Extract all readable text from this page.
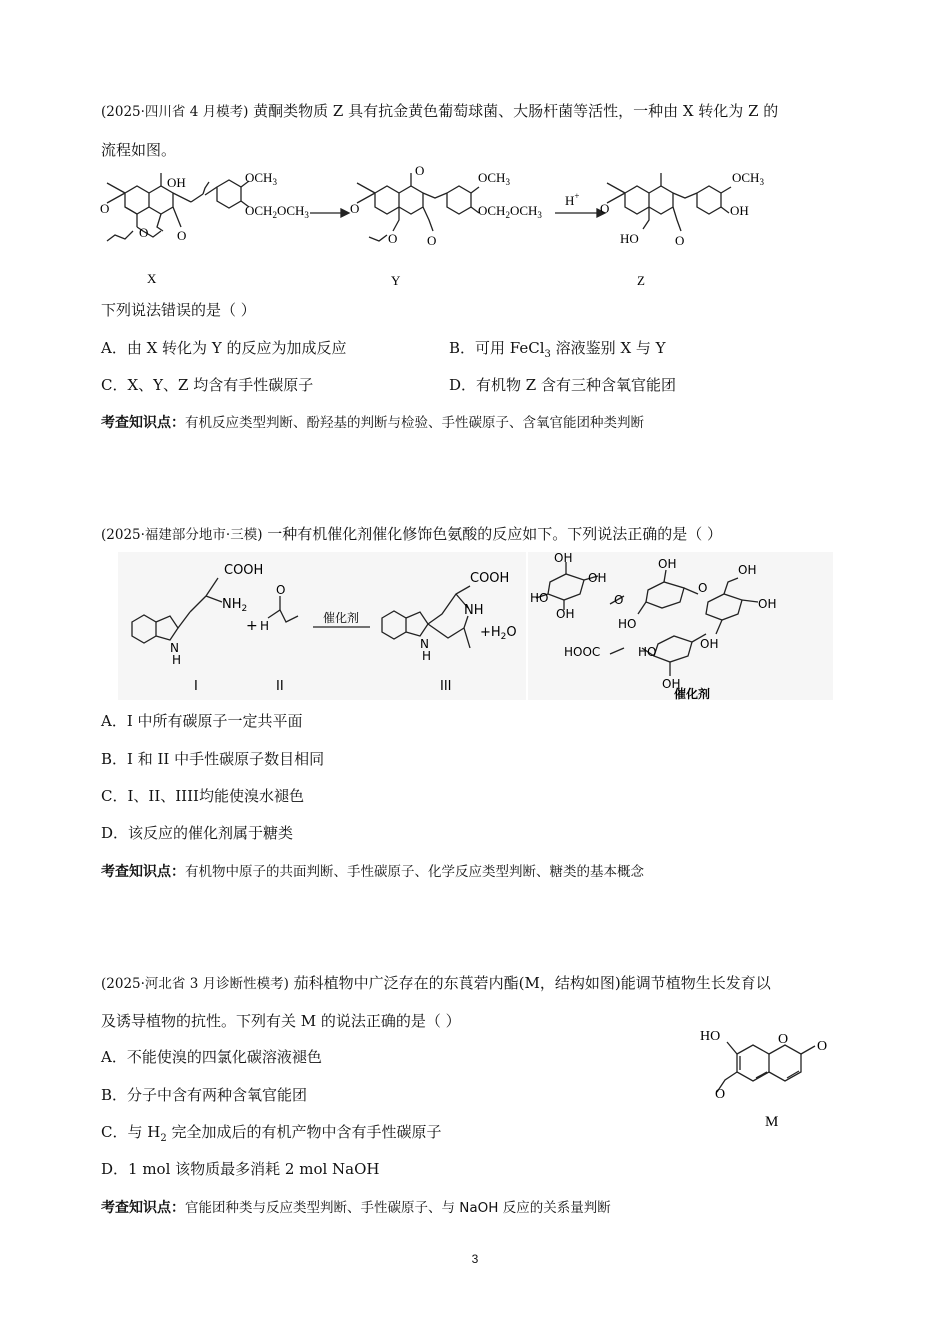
(2025·四川省 4 月模考) 黄酮类物质 Z 具有抗金黄色葡萄球菌、大肠杆菌等活性，一种由 X 转化为 Z 的
流程如图。
OH
O
O
O
$OCH_3$
$OCH_2OCH_3$
X
O
O
O
O
$OCH_3$
$OCH_2OCH_3$
Y
H+
O
O
HO
$OCH_3$
OH
Z
下列说法错误的是（ ）
A．由 X 转化为 Y 的反应为加成反应	B．可用 FeCl$_3$ 溶液鉴别 X 与 Y
C．X、Y、Z 均含有手性碳原子	D．有机物 Z 含有三种含氧官能团
考查知识点：有机反应类型判断、酚羟基的判断与检验、手性碳原子、含氧官能团种类判断
(2025·福建部分地市·三模) 一种有机催化剂催化修饰色氨酸的反应如下。下列说法正确的是（ ）
COOH
$NH_2$
N
H
I
+ H
O
II
催化剂
COOH
NH
N
H
$+H_2O$
III
OH
OH
HO
OH
O
OH
HO
O
OH
OH
OH
HOOC	HO
OH
催化剂
A．I 中所有碳原子一定共平面
B．I 和 II 中手性碳原子数目相同
C．I、II、IIII均能使溴水褪色
D．该反应的催化剂属于糖类
考查知识点：有机物中原子的共面判断、手性碳原子、化学反应类型判断、糖类的基本概念
(2025·河北省 3 月诊断性模考) 茄科植物中广泛存在的东莨菪内酯(M，结构如图)能调节植物生长发育以
及诱导植物的抗性。下列有关 M 的说法正确的是（ ）
HO	O O
O
M
A．不能使溴的四氯化碳溶液褪色
B．分子中含有两种含氧官能团
C．与 $H_2$ 完全加成后的有机产物中含有手性碳原子
D．1 mol 该物质最多消耗 2 mol NaOH
考查知识点：官能团种类与反应类型判断、手性碳原子、与 NaOH 反应的关系量判断
3
